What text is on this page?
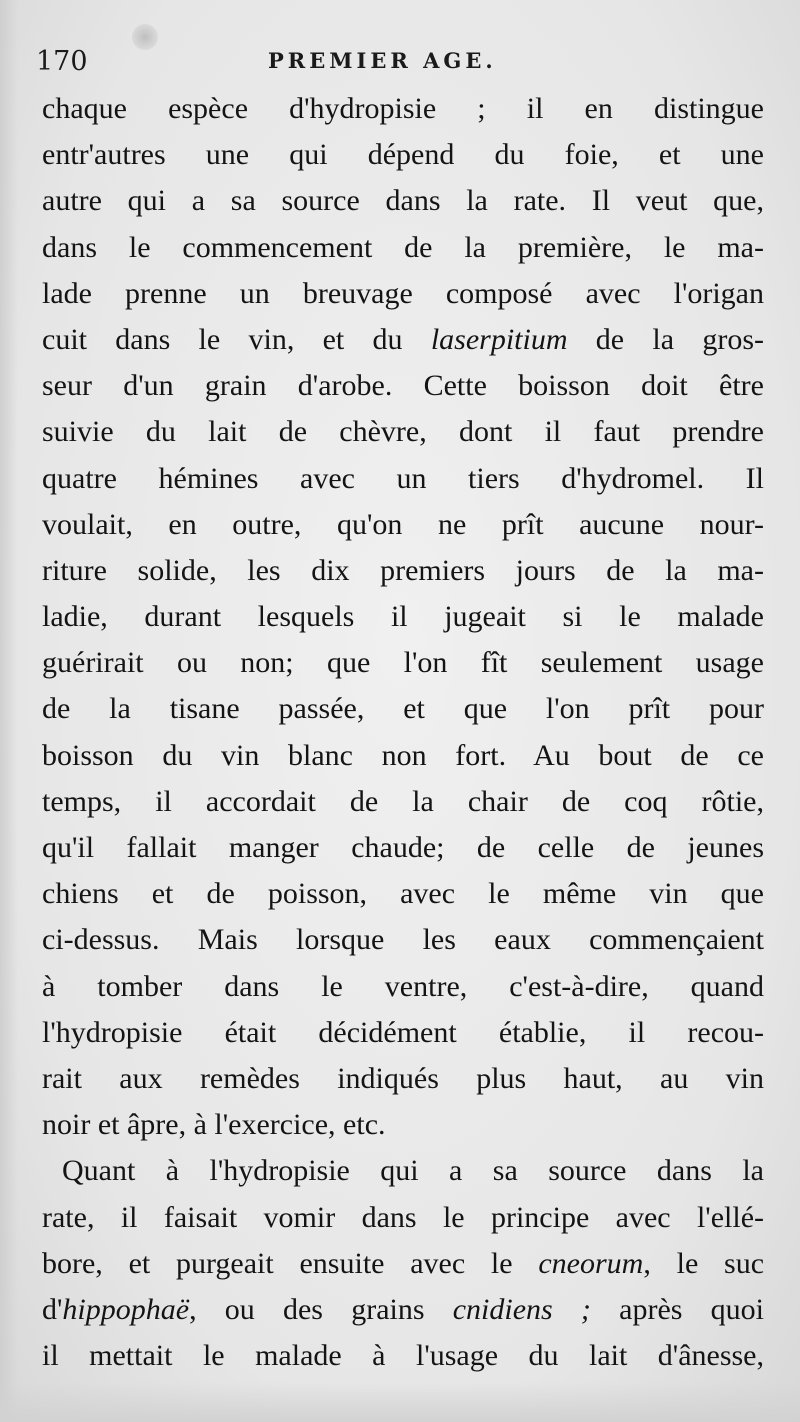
170	PREMIER AGE.
chaque espèce d'hydropisie ; il en distingue
entr'autres une qui dépend du foie, et une
autre qui a sa source dans la rate. Il veut que,
dans le commencement de la première, le ma-
lade prenne un breuvage composé avec l'origan
cuit dans le vin, et du laserpitium de la gros-
seur d'un grain d'arobe. Cette boisson doit être
suivie du lait de chèvre, dont il faut prendre
quatre hémines avec un tiers d'hydromel. Il
voulait, en outre, qu'on ne prît aucune nour-
riture solide, les dix premiers jours de la ma-
ladie, durant lesquels il jugeait si le malade
guérirait ou non; que l'on fît seulement usage
de la tisane passée, et que l'on prît pour
boisson du vin blanc non fort. Au bout de ce
temps, il accordait de la chair de coq rôtie,
qu'il fallait manger chaude; de celle de jeunes
chiens et de poisson, avec le même vin que
ci-dessus. Mais lorsque les eaux commençaient
à tomber dans le ventre, c'est-à-dire, quand
l'hydropisie était décidément établie, il recou-
rait aux remèdes indiqués plus haut, au vin
noir et âpre, à l'exercice, etc.
Quant à l'hydropisie qui a sa source dans la
rate, il faisait vomir dans le principe avec l'ellé-
bore, et purgeait ensuite avec le cneorum, le suc
d'hippophaë, ou des grains cnidiens ; après quoi
il mettait le malade à l'usage du lait d'ânesse,
